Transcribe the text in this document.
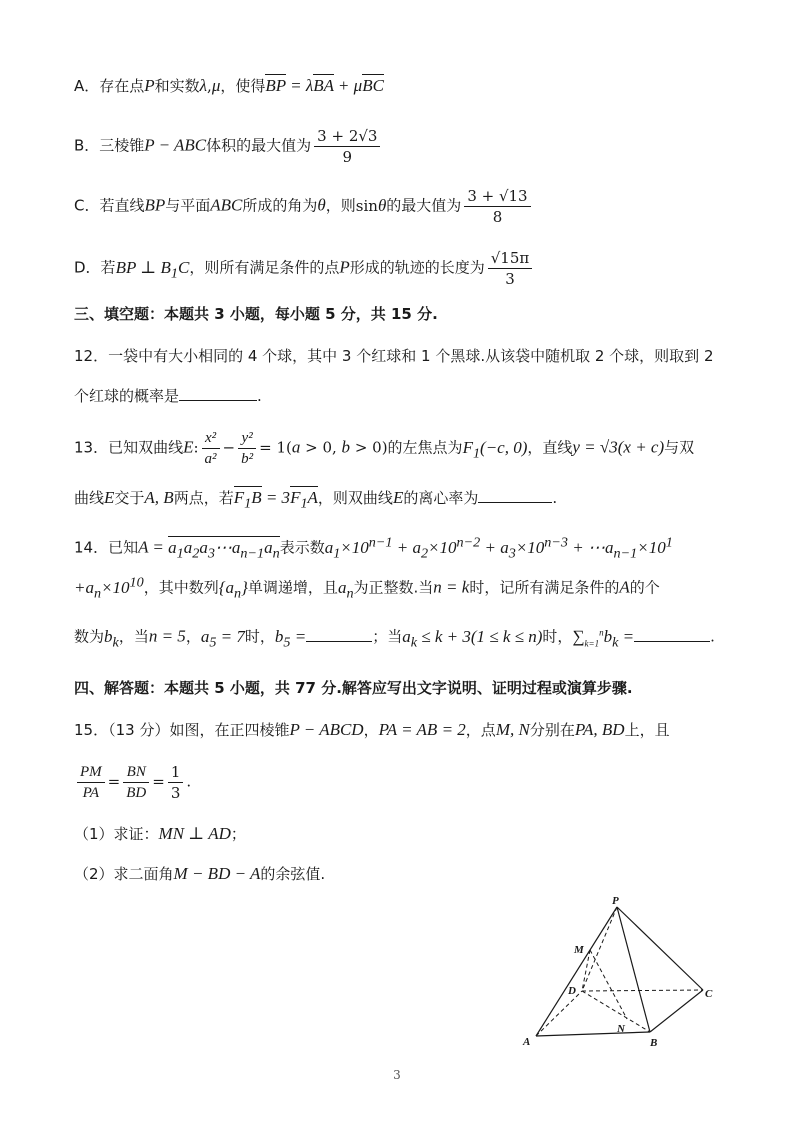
A．存在点P和实数λ,μ，使得BP = λBA + μBC
B．三棱锥P − ABC体积的最大值为 $\frac{3 + 2√3}{9}$
C．若直线BP与平面ABC所成的角为θ，则sinθ的最大值为 $\frac{3 + √13}{8}$
D．若BP ⊥ $B_1C$，则所有满足条件的点P形成的轨迹的长度为 $\frac{√15\pi}{3}$
三、填空题：本题共 3 小题，每小题 5 分，共 15 分.
12．一袋中有大小相同的 4 个球，其中 3 个红球和 1 个黑球.从该袋中随机取 2 个球，则取到 2
个红球的概率是	.
13．已知双曲线E: $\frac{\text{x²}}{\text{a²}} - \frac{\text{y²}}{\text{b²}} = 1(a > 0$, b > 0)的左焦点为$F_1(-c$, 0)，直线y = √3(x + c)与双
曲线E交于A, B两点，若$F_1B = 3F_1A$，则双曲线E的离心率为	.
14．已知$A = a_1a_2a_3\cdots a_{n-1}a_n$表示数$a_1\times 10^{n-1} + a_2\times 10^{n-2} + a_3\times 10^{n-3}$ + $\cdots a_{n-1}\times 10^1$
$+a_n\times 10^{10}$，其中数列$\{a_n\}$单调递增，且$a_n$为正整数.当n = k时，记所有满足条件的A的个
数为$b_k$，当n = 5，$a_5 = 7$时，$b_5$ =	；当$a_k \le k + 3(1 \le k \le n)$时，$\sum_{k=1}^nb_k$ =	.
四、解答题：本题共 5 小题，共 77 分.解答应写出文字说明、证明过程或演算步骤.
15．（13 分）如图，在正四棱锥P − ABCD，PA = AB = 2，点M, N分别在PA, BD上，且
$\frac{PM}{PA} = \frac{BN}{BD} = \frac{1}{3}$ .
（1）求证：MN ⊥ AD；
（2）求二面角M − BD − A的余弦值.
P
M
D	C
N
A	B
3
